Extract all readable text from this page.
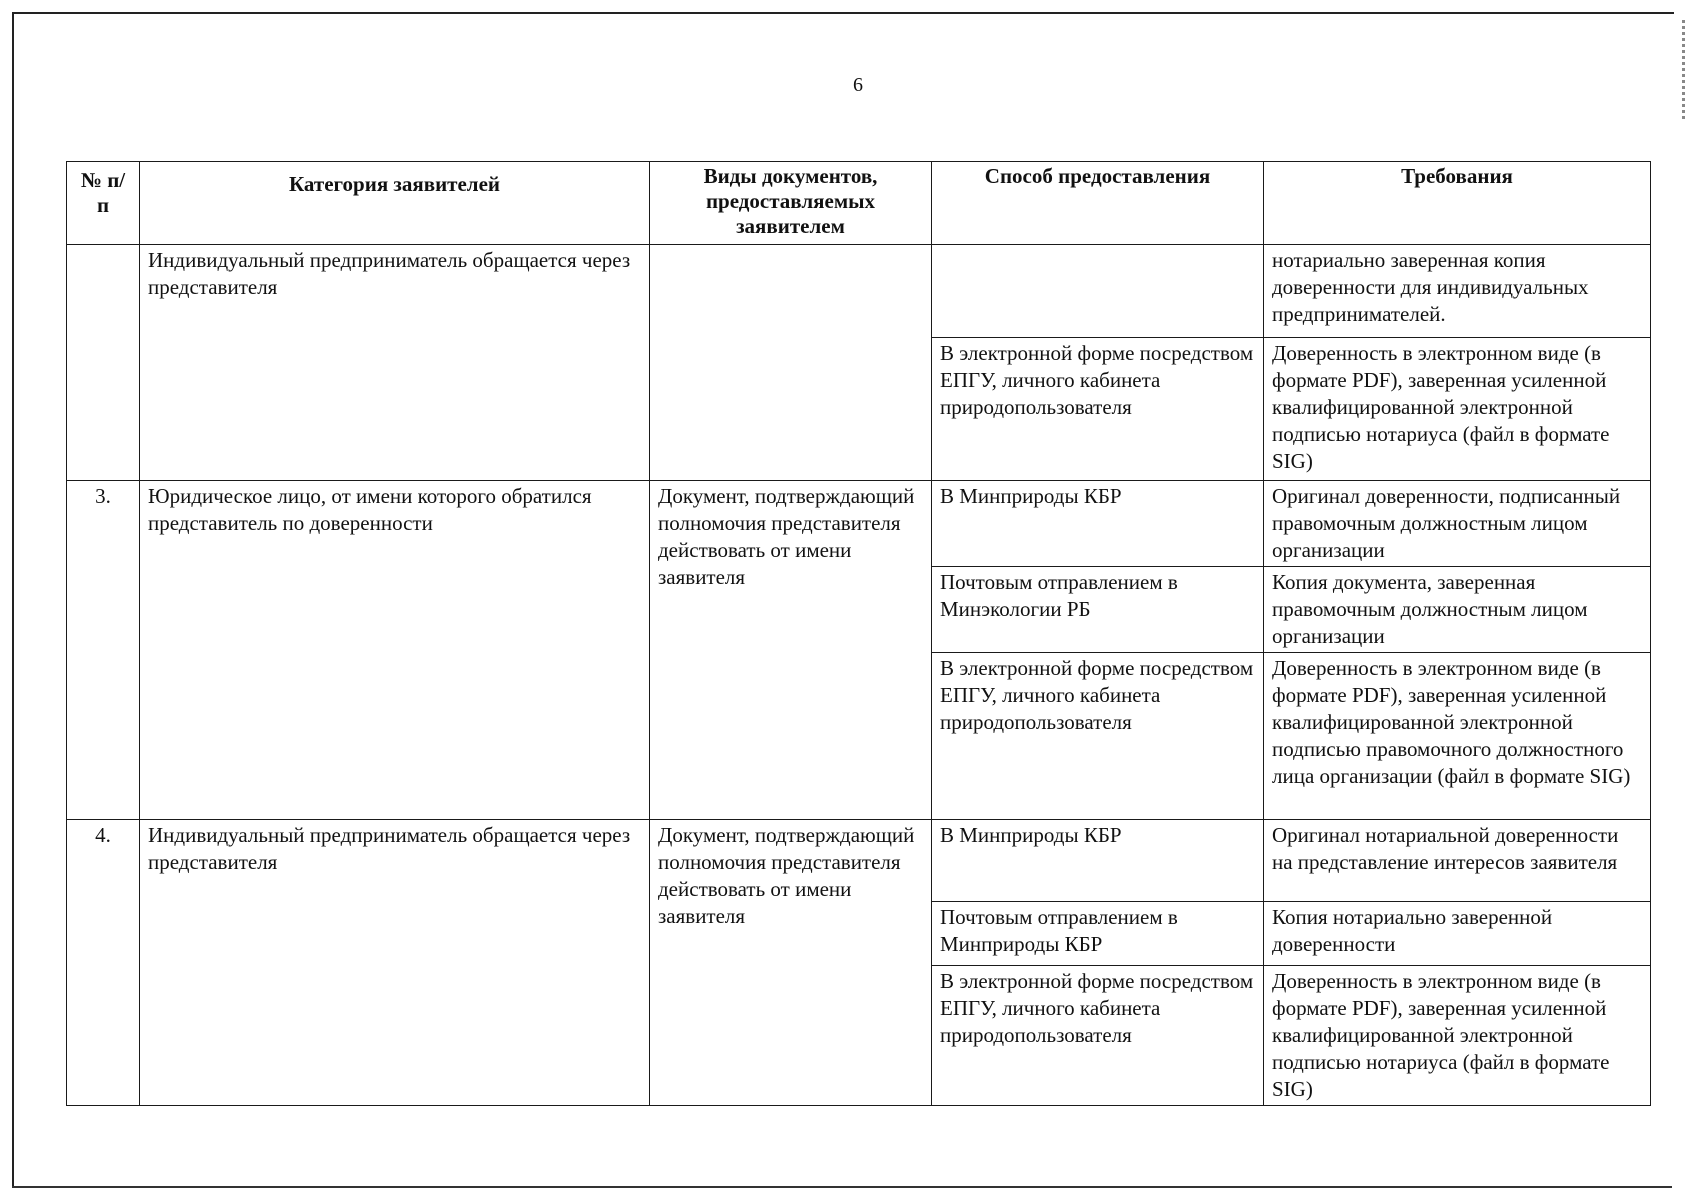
6
№ п/п	Категория заявителей	Виды документов, предоставляемых заявителем	Способ предоставления	Требования
	Индивидуальный предприниматель обращается через представителя			нотариально заверенная копия доверенности для индивидуальных предпринимателей.
			В электронной форме посредством ЕПГУ, личного кабинета природопользователя	Доверенность в электронном виде (в формате PDF), заверенная усиленной квалифицированной электронной подписью нотариуса (файл в формате SIG)
3.	Юридическое лицо, от имени которого обратился представитель по доверенности	Документ, подтверждающий полномочия представителя действовать от имени заявителя	В Минприроды КБР	Оригинал доверенности, подписанный правомочным должностным лицом организации
			Почтовым отправлением в Минэкологии РБ	Копия документа, заверенная правомочным должностным лицом организации
			В электронной форме посредством ЕПГУ, личного кабинета природопользователя	Доверенность в электронном виде (в формате PDF), заверенная усиленной квалифицированной электронной подписью правомочного должностного лица организации (файл в формате SIG)
4.	Индивидуальный предприниматель обращается через представителя	Документ, подтверждающий полномочия представителя действовать от имени заявителя	В Минприроды КБР	Оригинал нотариальной доверенности на представление интересов заявителя
			Почтовым отправлением в Минприроды КБР	Копия нотариально заверенной доверенности
			В электронной форме посредством ЕПГУ, личного кабинета природопользователя	Доверенность в электронном виде (в формате PDF), заверенная усиленной квалифицированной электронной подписью нотариуса (файл в формате SIG)
